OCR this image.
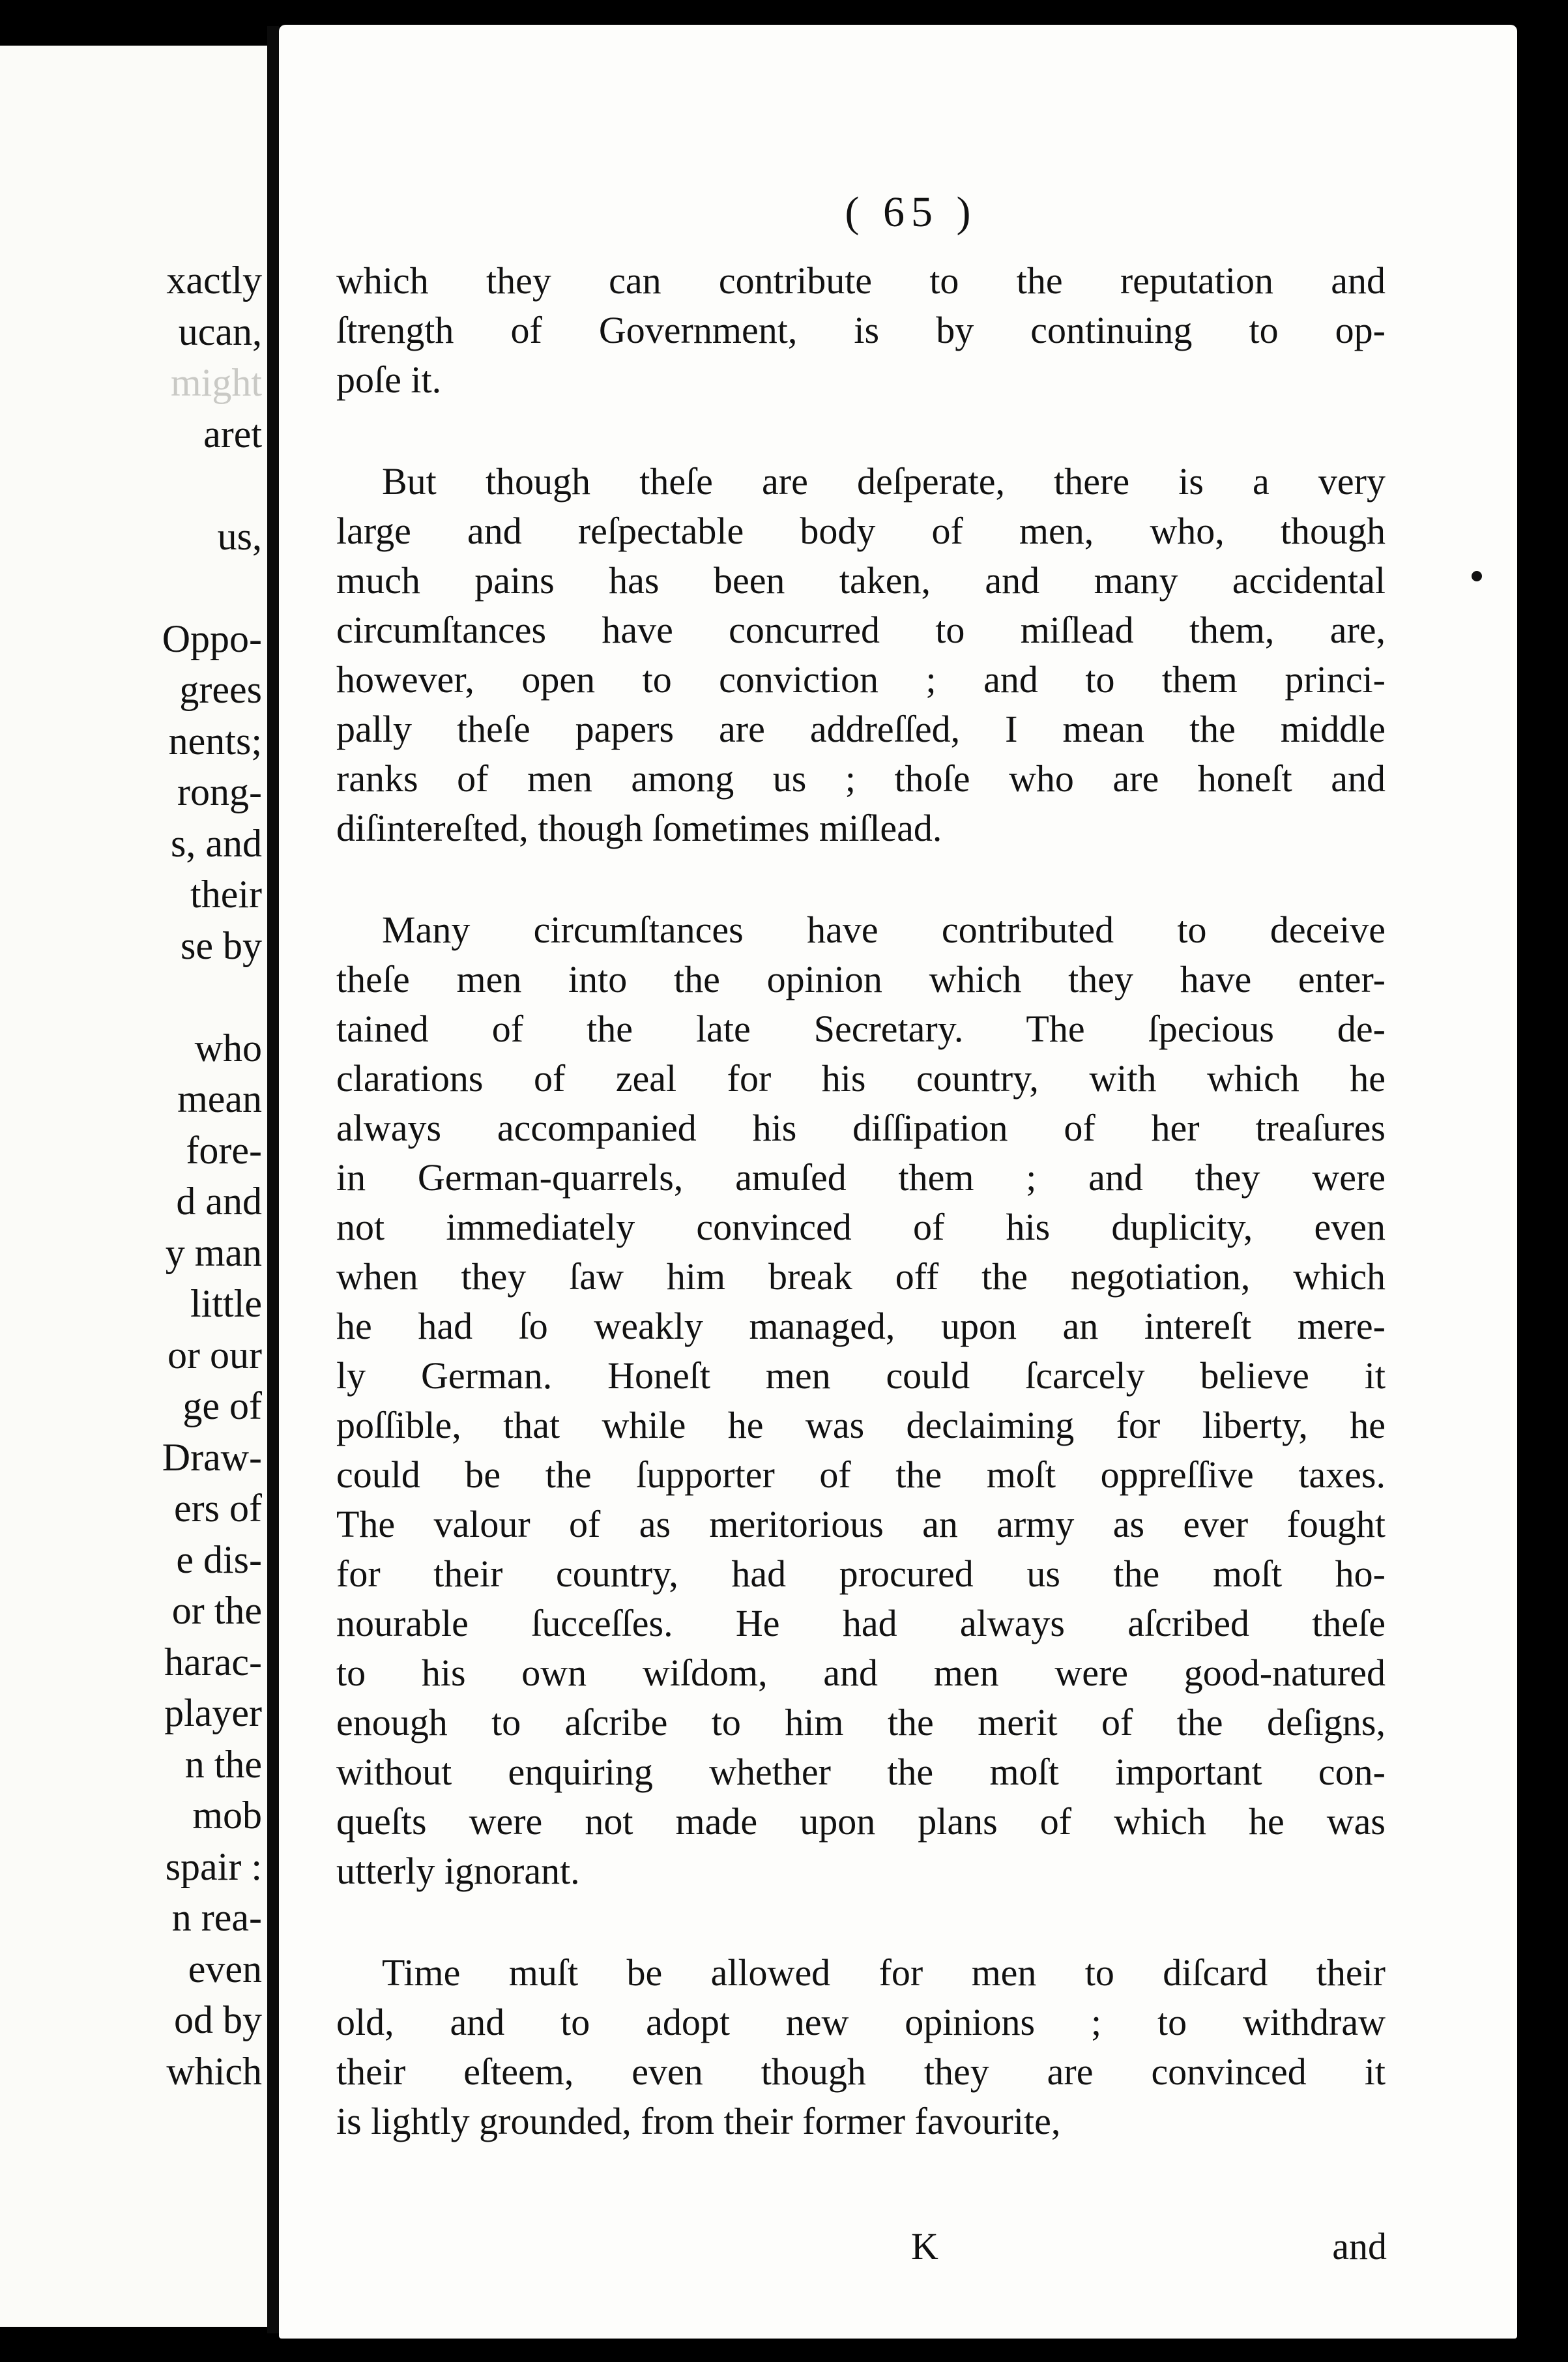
xactly
ucan,
might
aret
us,
Oppo-
grees
nents;
rong-
s, and
their
se by
who
mean
fore-
d and
y man
little
or our
ge of
Draw-
ers of
e dis-
or the
harac-
player
n the
mob
spair :
n rea-
even
od by
which
( 65 )
which they can contribute to the reputation and
ſtrength of Government, is by continuing to op-
poſe it.
But though theſe are deſperate, there is a very
large and reſpectable body of men, who, though
much pains has been taken, and many accidental
circumſtances have concurred to miſlead them, are,
however, open to conviction ; and to them princi-
pally theſe papers are addreſſed, I mean the middle
ranks of men among us ; thoſe who are honeſt and
diſintereſted, though ſometimes miſlead.
Many circumſtances have contributed to deceive
theſe men into the opinion which they have enter-
tained of the late Secretary. The ſpecious de-
clarations of zeal for his country, with which he
always accompanied his diſſipation of her treaſures
in German-quarrels, amuſed them ; and they were
not immediately convinced of his duplicity, even
when they ſaw him break off the negotiation, which
he had ſo weakly managed, upon an intereſt mere-
ly German. Honeſt men could ſcarcely believe it
poſſible, that while he was declaiming for liberty, he
could be the ſupporter of the moſt oppreſſive taxes.
The valour of as meritorious an army as ever fought
for their country, had procured us the moſt ho-
nourable ſucceſſes. He had always aſcribed theſe
to his own wiſdom, and men were good-natured
enough to aſcribe to him the merit of the deſigns,
without enquiring whether the moſt important con-
queſts were not made upon plans of which he was
utterly ignorant.
Time muſt be allowed for men to diſcard their
old, and to adopt new opinions ; to withdraw
their eſteem, even though they are convinced it
is lightly grounded, from their former favourite,
K	and
